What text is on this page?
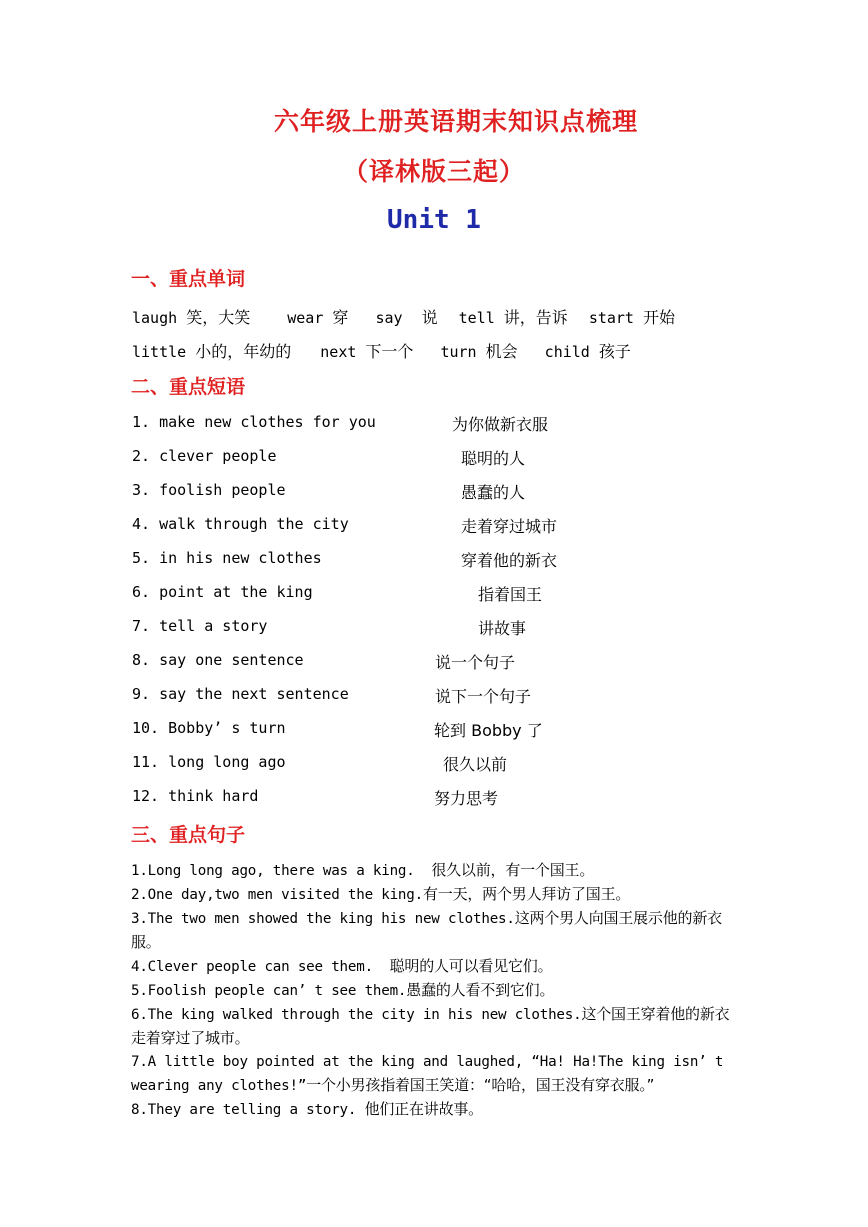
六年级上册英语期末知识点梳理
（译林版三起）
Unit 1
一、重点单词
laugh 笑，大笑 wear 穿 say 说 tell 讲，告诉 start 开始
little 小的，年幼的 next 下一个 turn 机会 child 孩子
二、重点短语
1. make new clothes for you	为你做新衣服
2. clever people	聪明的人
3. foolish people	愚蠢的人
4. walk through the city	走着穿过城市
5. in his new clothes	穿着他的新衣
6. point at the king	指着国王
7. tell a story	讲故事
8. say one sentence	说一个句子
9. say the next sentence	说下一个句子
10. Bobby’ s turn	轮到 Bobby 了
11. long long ago	很久以前
12. think hard	努力思考
三、重点句子
1.Long long ago, there was a king. 很久以前，有一个国王。
2.One day,two men visited the king.有一天，两个男人拜访了国王。
3.The two men showed the king his new clothes.这两个男人向国王展示他的新衣服。
4.Clever people can see them. 聪明的人可以看见它们。
5.Foolish people can’ t see them.愚蠢的人看不到它们。
6.The king walked through the city in his new clothes.这个国王穿着他的新衣走着穿过了城市。
7.A little boy pointed at the king and laughed, “Ha! Ha!The king isn’ t wearing any clothes!”一个小男孩指着国王笑道：“哈哈，国王没有穿衣服。”
8.They are telling a story. 他们正在讲故事。
